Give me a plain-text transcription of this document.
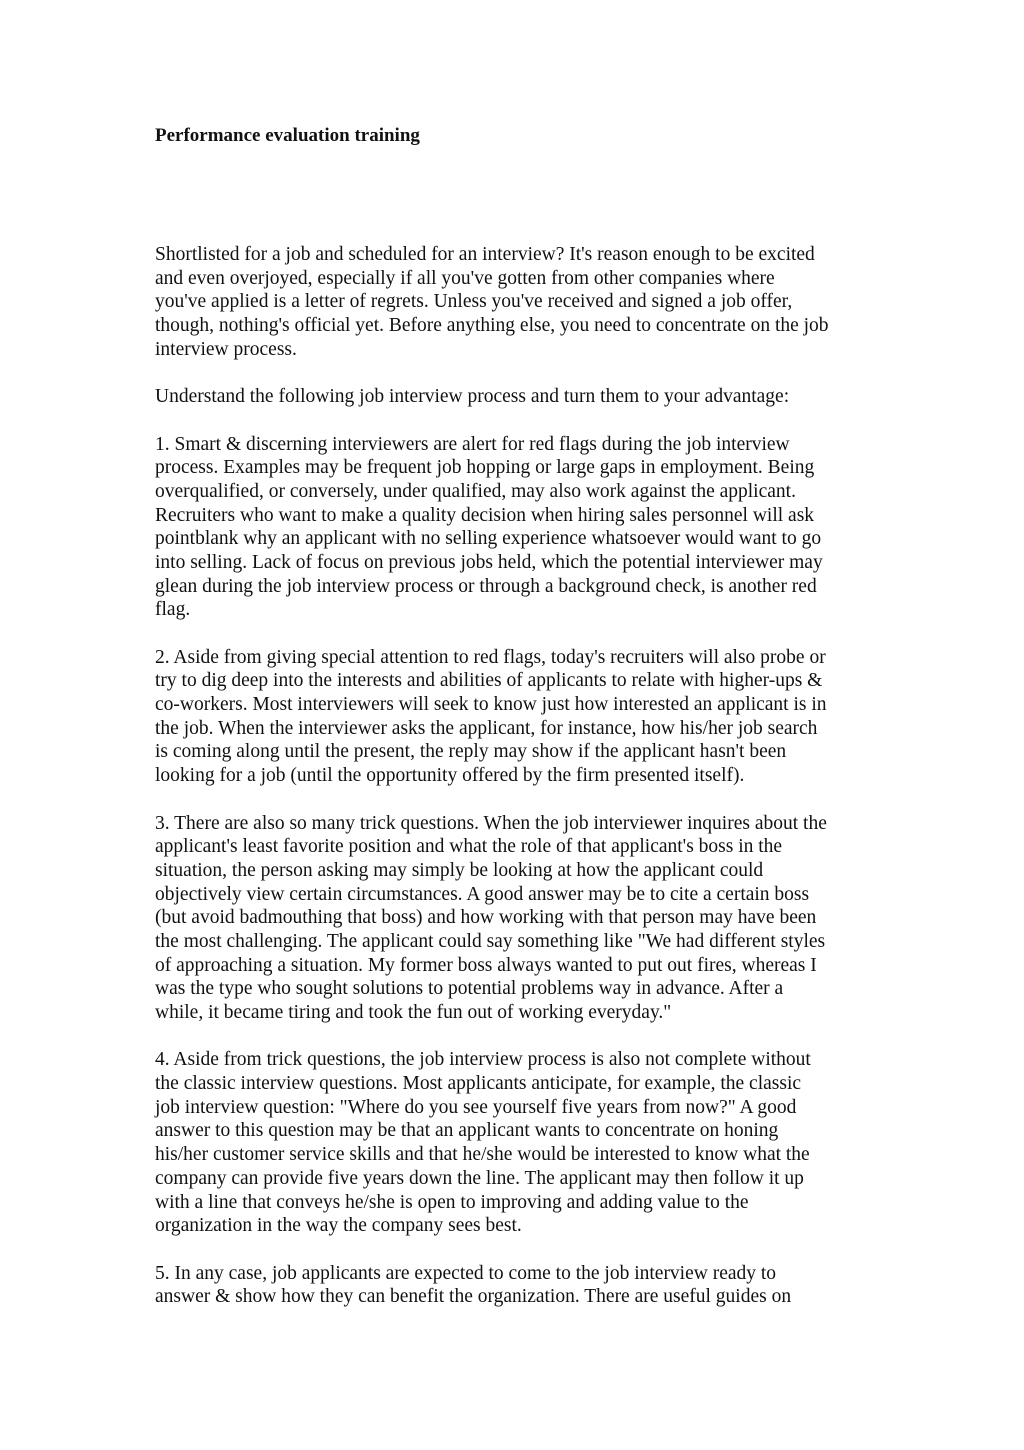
Performance evaluation training
Shortlisted for a job and scheduled for an interview? It's reason enough to be excited
and even overjoyed, especially if all you've gotten from other companies where
you've applied is a letter of regrets. Unless you've received and signed a job offer,
though, nothing's official yet. Before anything else, you need to concentrate on the job
interview process.
Understand the following job interview process and turn them to your advantage:
1. Smart & discerning interviewers are alert for red flags during the job interview
process. Examples may be frequent job hopping or large gaps in employment. Being
overqualified, or conversely, under qualified, may also work against the applicant.
Recruiters who want to make a quality decision when hiring sales personnel will ask
pointblank why an applicant with no selling experience whatsoever would want to go
into selling. Lack of focus on previous jobs held, which the potential interviewer may
glean during the job interview process or through a background check, is another red
flag.
2. Aside from giving special attention to red flags, today's recruiters will also probe or
try to dig deep into the interests and abilities of applicants to relate with higher-ups &
co-workers. Most interviewers will seek to know just how interested an applicant is in
the job. When the interviewer asks the applicant, for instance, how his/her job search
is coming along until the present, the reply may show if the applicant hasn't been
looking for a job (until the opportunity offered by the firm presented itself).
3. There are also so many trick questions. When the job interviewer inquires about the
applicant's least favorite position and what the role of that applicant's boss in the
situation, the person asking may simply be looking at how the applicant could
objectively view certain circumstances. A good answer may be to cite a certain boss
(but avoid badmouthing that boss) and how working with that person may have been
the most challenging. The applicant could say something like "We had different styles
of approaching a situation. My former boss always wanted to put out fires, whereas I
was the type who sought solutions to potential problems way in advance. After a
while, it became tiring and took the fun out of working everyday."
4. Aside from trick questions, the job interview process is also not complete without
the classic interview questions. Most applicants anticipate, for example, the classic
job interview question: "Where do you see yourself five years from now?" A good
answer to this question may be that an applicant wants to concentrate on honing
his/her customer service skills and that he/she would be interested to know what the
company can provide five years down the line. The applicant may then follow it up
with a line that conveys he/she is open to improving and adding value to the
organization in the way the company sees best.
5. In any case, job applicants are expected to come to the job interview ready to
answer & show how they can benefit the organization. There are useful guides on
